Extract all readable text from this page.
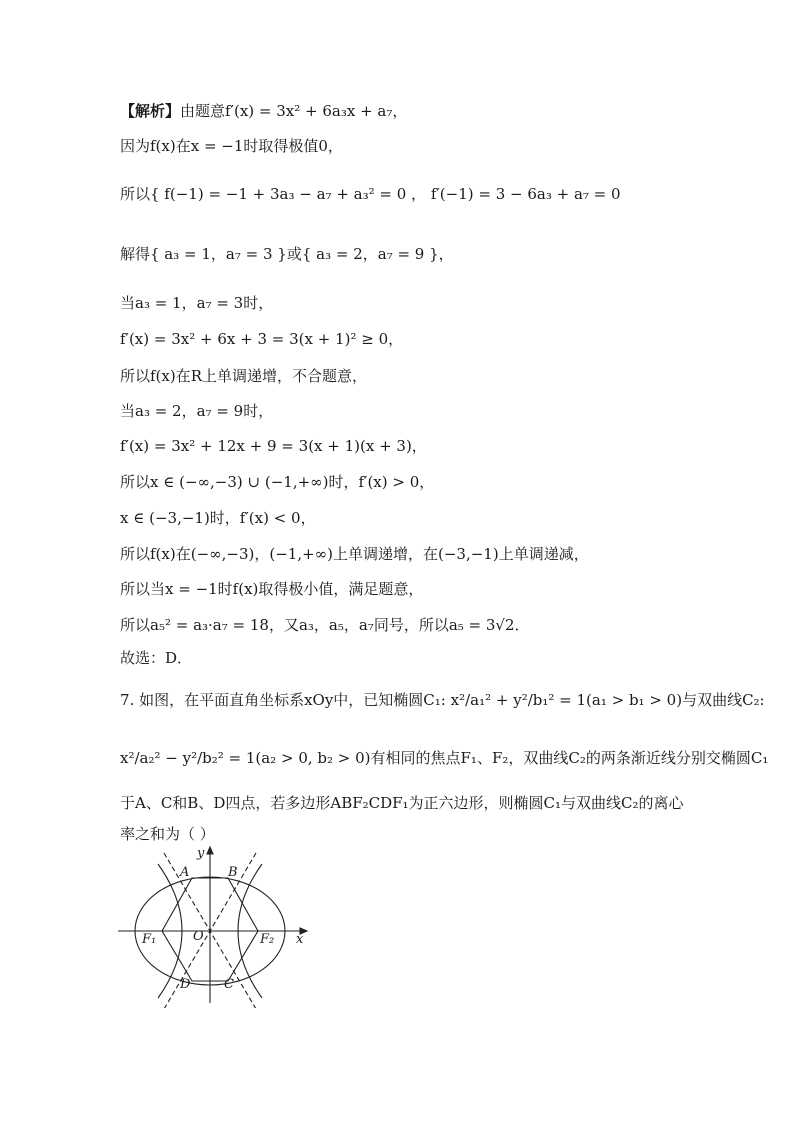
【解析】由题意f′(x) = 3x² + 6a₃x + a₇，
因为f(x)在x = −1时取得极值0，
所以{ f(−1) = −1 + 3a₃ − a₇ + a₃² = 0 ， f′(−1) = 3 − 6a₃ + a₇ = 0
解得{ a₃ = 1，a₇ = 3 }或{ a₃ = 2，a₇ = 9 }，
当a₃ = 1，a₇ = 3时，
f′(x) = 3x² + 6x + 3 = 3(x + 1)² ≥ 0，
所以f(x)在R上单调递增，不合题意，
当a₃ = 2，a₇ = 9时，
f′(x) = 3x² + 12x + 9 = 3(x + 1)(x + 3)，
所以x ∈ (−∞,−3) ∪ (−1,+∞)时，f′(x) > 0，
x ∈ (−3,−1)时，f′(x) < 0，
所以f(x)在(−∞,−3)，(−1,+∞)上单调递增，在(−3,−1)上单调递减，
所以当x = −1时f(x)取得极小值，满足题意，
所以a₅² = a₃·a₇ = 18，又a₃，a₅，a₇同号，所以a₅ = 3√2．
故选：D．
7. 如图，在平面直角坐标系xOy中，已知椭圆C₁: x²/a₁² + y²/b₁² = 1(a₁ > b₁ > 0)与双曲线C₂:
x²/a₂² − y²/b₂² = 1(a₂ > 0, b₂ > 0)有相同的焦点F₁、F₂，双曲线C₂的两条渐近线分别交椭圆C₁
于A、C和B、D四点，若多边形ABF₂CDF₁为正六边形，则椭圆C₁与双曲线C₂的离心
率之和为（ ）
y
x
A	B
O
F₁	F₂
D	C
